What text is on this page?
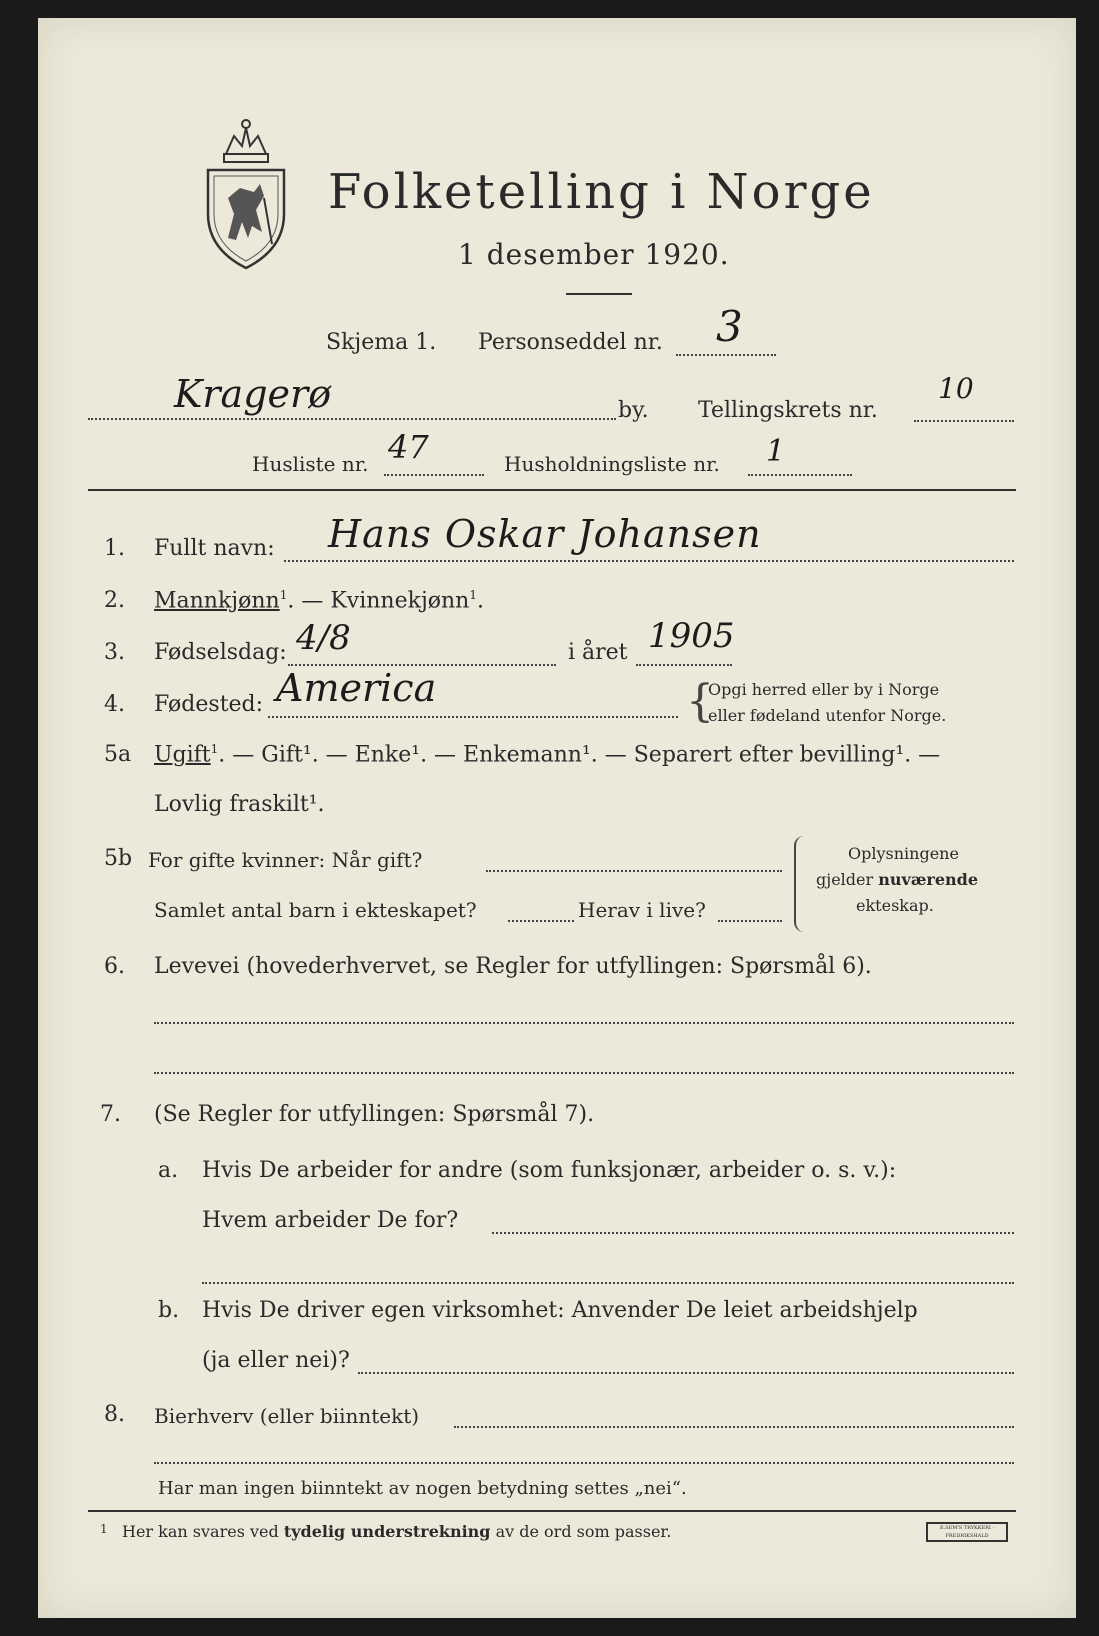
Folketelling i Norge
1 desember 1920.
Skjema 1. Personseddel nr. 3
Kragerø	by. Tellingskrets nr.
10
Husliste nr. 47	Husholdningsliste nr. 1
1. Fullt navn: Hans Oskar Johansen
2. Mannkjønn$^1$. — Kvinnekjønn$^1$.
3. Fødselsdag: 4/8	i året 1905
4. Fødested: America	{
Opgi herred eller by i Norge
eller fødeland utenfor Norge.
5a Ugift$^1$. — Gift¹. — Enke¹. — Enkemann¹. — Separert efter bevilling¹. —
Lovlig fraskilt¹.
5b For gifte kvinner: Når gift?
Samlet antal barn i ekteskapet?	Herav i live?
Oplysningene
gjelder nuværende
ekteskap.
6. Levevei (hovederhvervet, se Regler for utfyllingen: Spørsmål 6).
7. (Se Regler for utfyllingen: Spørsmål 7).
a. Hvis De arbeider for andre (som funksjonær, arbeider o. s. v.):
Hvem arbeider De for?
b. Hvis De driver egen virksomhet: Anvender De leiet arbeidshjelp
(ja eller nei)?
8. Bierhverv (eller biinntekt)
Har man ingen biinntekt av nogen betydning settes „nei“.
1 Her kan svares ved tydelig understrekning av de ord som passer.	E.SEM'S TRYKKERI · FREDRIKSHALD
